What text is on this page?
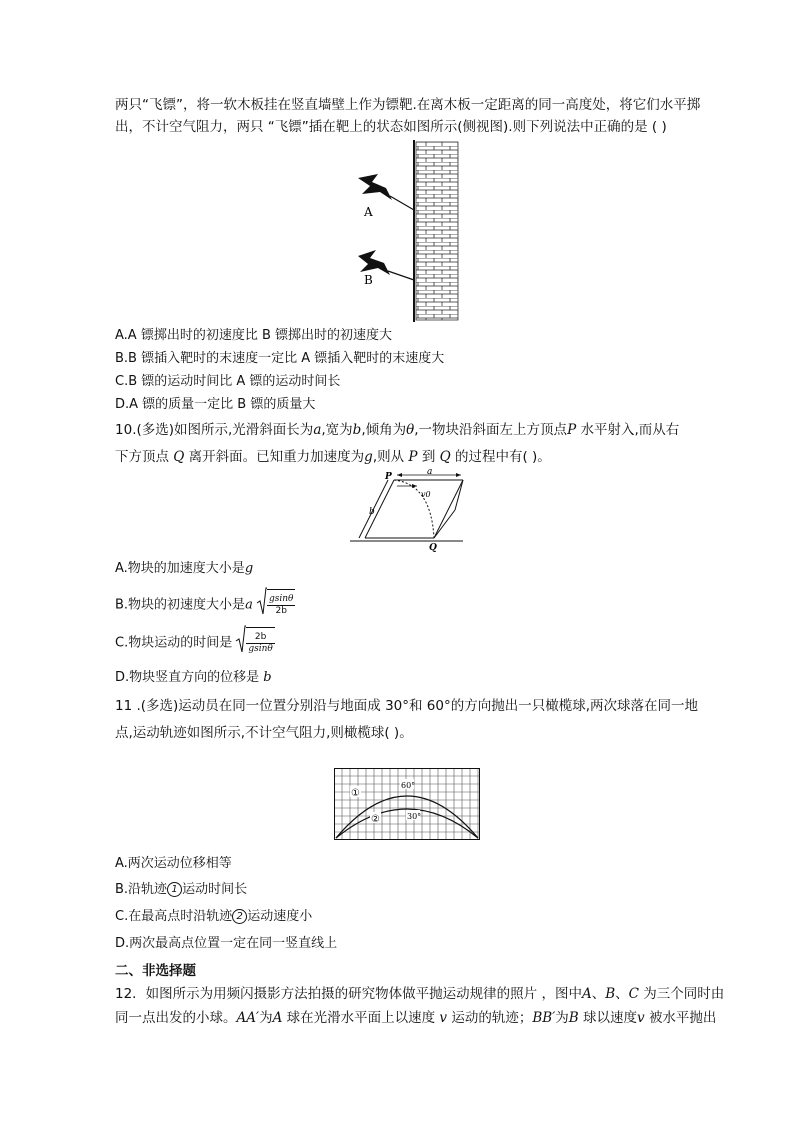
两只“飞镖”，将一软木板挂在竖直墙壁上作为镖靶.在离木板一定距离的同一高度处，将它们水平掷
出，不计空气阻力，两只 “飞镖”插在靶上的状态如图所示(侧视图).则下列说法中正确的是 ( )
A
B
A.A 镖掷出时的初速度比 B 镖掷出时的初速度大
B.B 镖插入靶时的末速度一定比 A 镖插入靶时的末速度大
C.B 镖的运动时间比 A 镖的运动时间长
D.A 镖的质量一定比 B 镖的质量大
10.(多选)如图所示,光滑斜面长为a,宽为b,倾角为θ,一物块沿斜面左上方顶点P 水平射入,而从右
下方顶点 Q 离开斜面。已知重力加速度为g,则从 P 到 Q 的过程中有( )。
P
Q
a
b
v0
A.物块的加速度大小是g
B.物块的初速度大小是a $\frac{gsin\theta}{2b}$
C.物块运动的时间是 $\frac{2b}{gsin\theta}$
D.物块竖直方向的位移是 b
11 .(多选)运动员在同一位置分别沿与地面成 30°和 60°的方向抛出一只橄榄球,两次球落在同一地
点,运动轨迹如图所示,不计空气阻力,则橄榄球( )。
①
②
60°
30°
A.两次运动位移相等
B.沿轨迹 1 运动时间长
C.在最高点时沿轨迹 2 运动速度小
D.两次最高点位置一定在同一竖直线上
二、非选择题
12．如图所示为用频闪摄影方法拍摄的研究物体做平抛运动规律的照片 ，图中A、B、C 为三个同时由
同一点出发的小球。AA′为A 球在光滑水平面上以速度 v 运动的轨迹；BB′为B 球以速度v 被水平抛出
